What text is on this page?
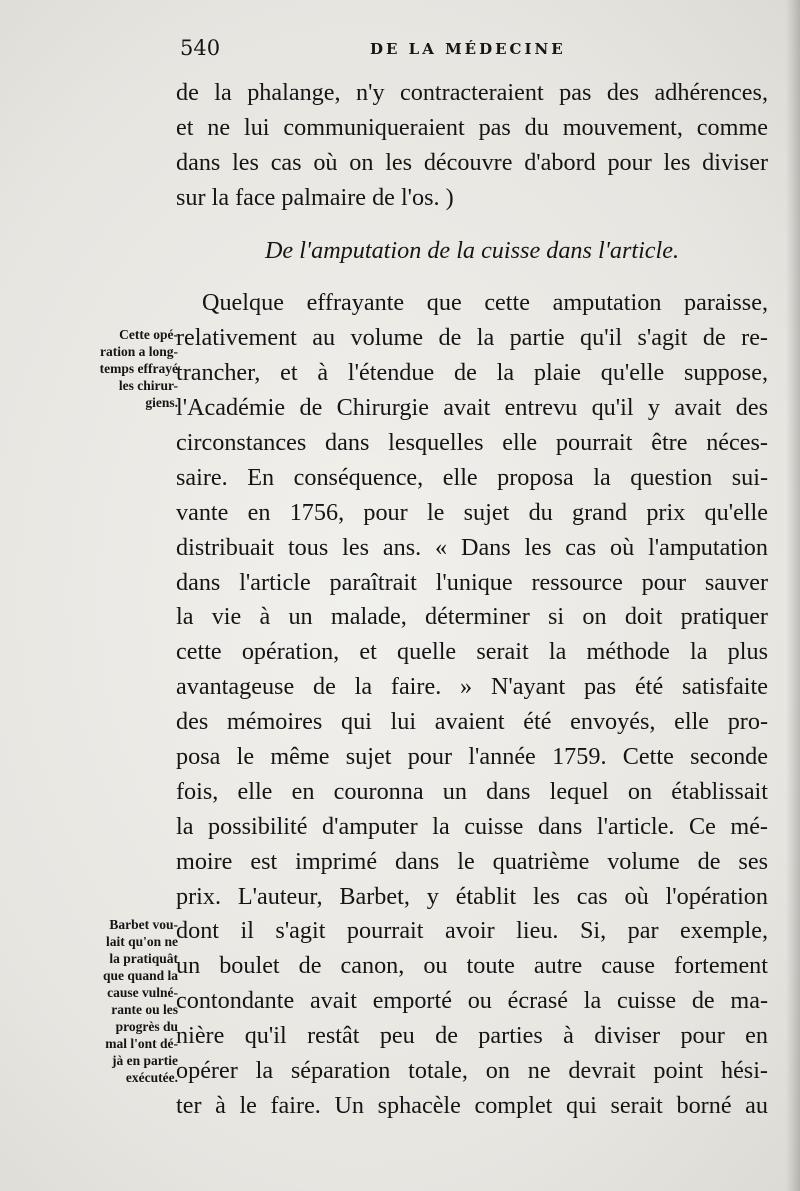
540	DE LA MÉDECINE
de la phalange, n'y contracteraient pas des adhérences,
et ne lui communiqueraient pas du mouvement, comme
dans les cas où on les découvre d'abord pour les diviser
sur la face palmaire de l'os. )
De l'amputation de la cuisse dans l'article.
Quelque effrayante que cette amputation paraisse,
relativement au volume de la partie qu'il s'agit de re-
trancher, et à l'étendue de la plaie qu'elle suppose,
l'Académie de Chirurgie avait entrevu qu'il y avait des
circonstances dans lesquelles elle pourrait être néces-
saire. En conséquence, elle proposa la question sui-
vante en 1756, pour le sujet du grand prix qu'elle
distribuait tous les ans. « Dans les cas où l'amputation
dans l'article paraîtrait l'unique ressource pour sauver
la vie à un malade, déterminer si on doit pratiquer
cette opération, et quelle serait la méthode la plus
avantageuse de la faire. » N'ayant pas été satisfaite
des mémoires qui lui avaient été envoyés, elle pro-
posa le même sujet pour l'année 1759. Cette seconde
fois, elle en couronna un dans lequel on établissait
la possibilité d'amputer la cuisse dans l'article. Ce mé-
moire est imprimé dans le quatrième volume de ses
prix. L'auteur, Barbet, y établit les cas où l'opération
dont il s'agit pourrait avoir lieu. Si, par exemple,
un boulet de canon, ou toute autre cause fortement
contondante avait emporté ou écrasé la cuisse de ma-
nière qu'il restât peu de parties à diviser pour en
opérer la séparation totale, on ne devrait point hési-
ter à le faire. Un sphacèle complet qui serait borné au
Cette opé-
ration a long-
temps effrayé
les chirur-
giens.
Barbet vou-
lait qu'on ne
la pratiquât
que quand la
cause vulné-
rante ou les
progrès du
mal l'ont dé-
jà en partie
exécutée.
